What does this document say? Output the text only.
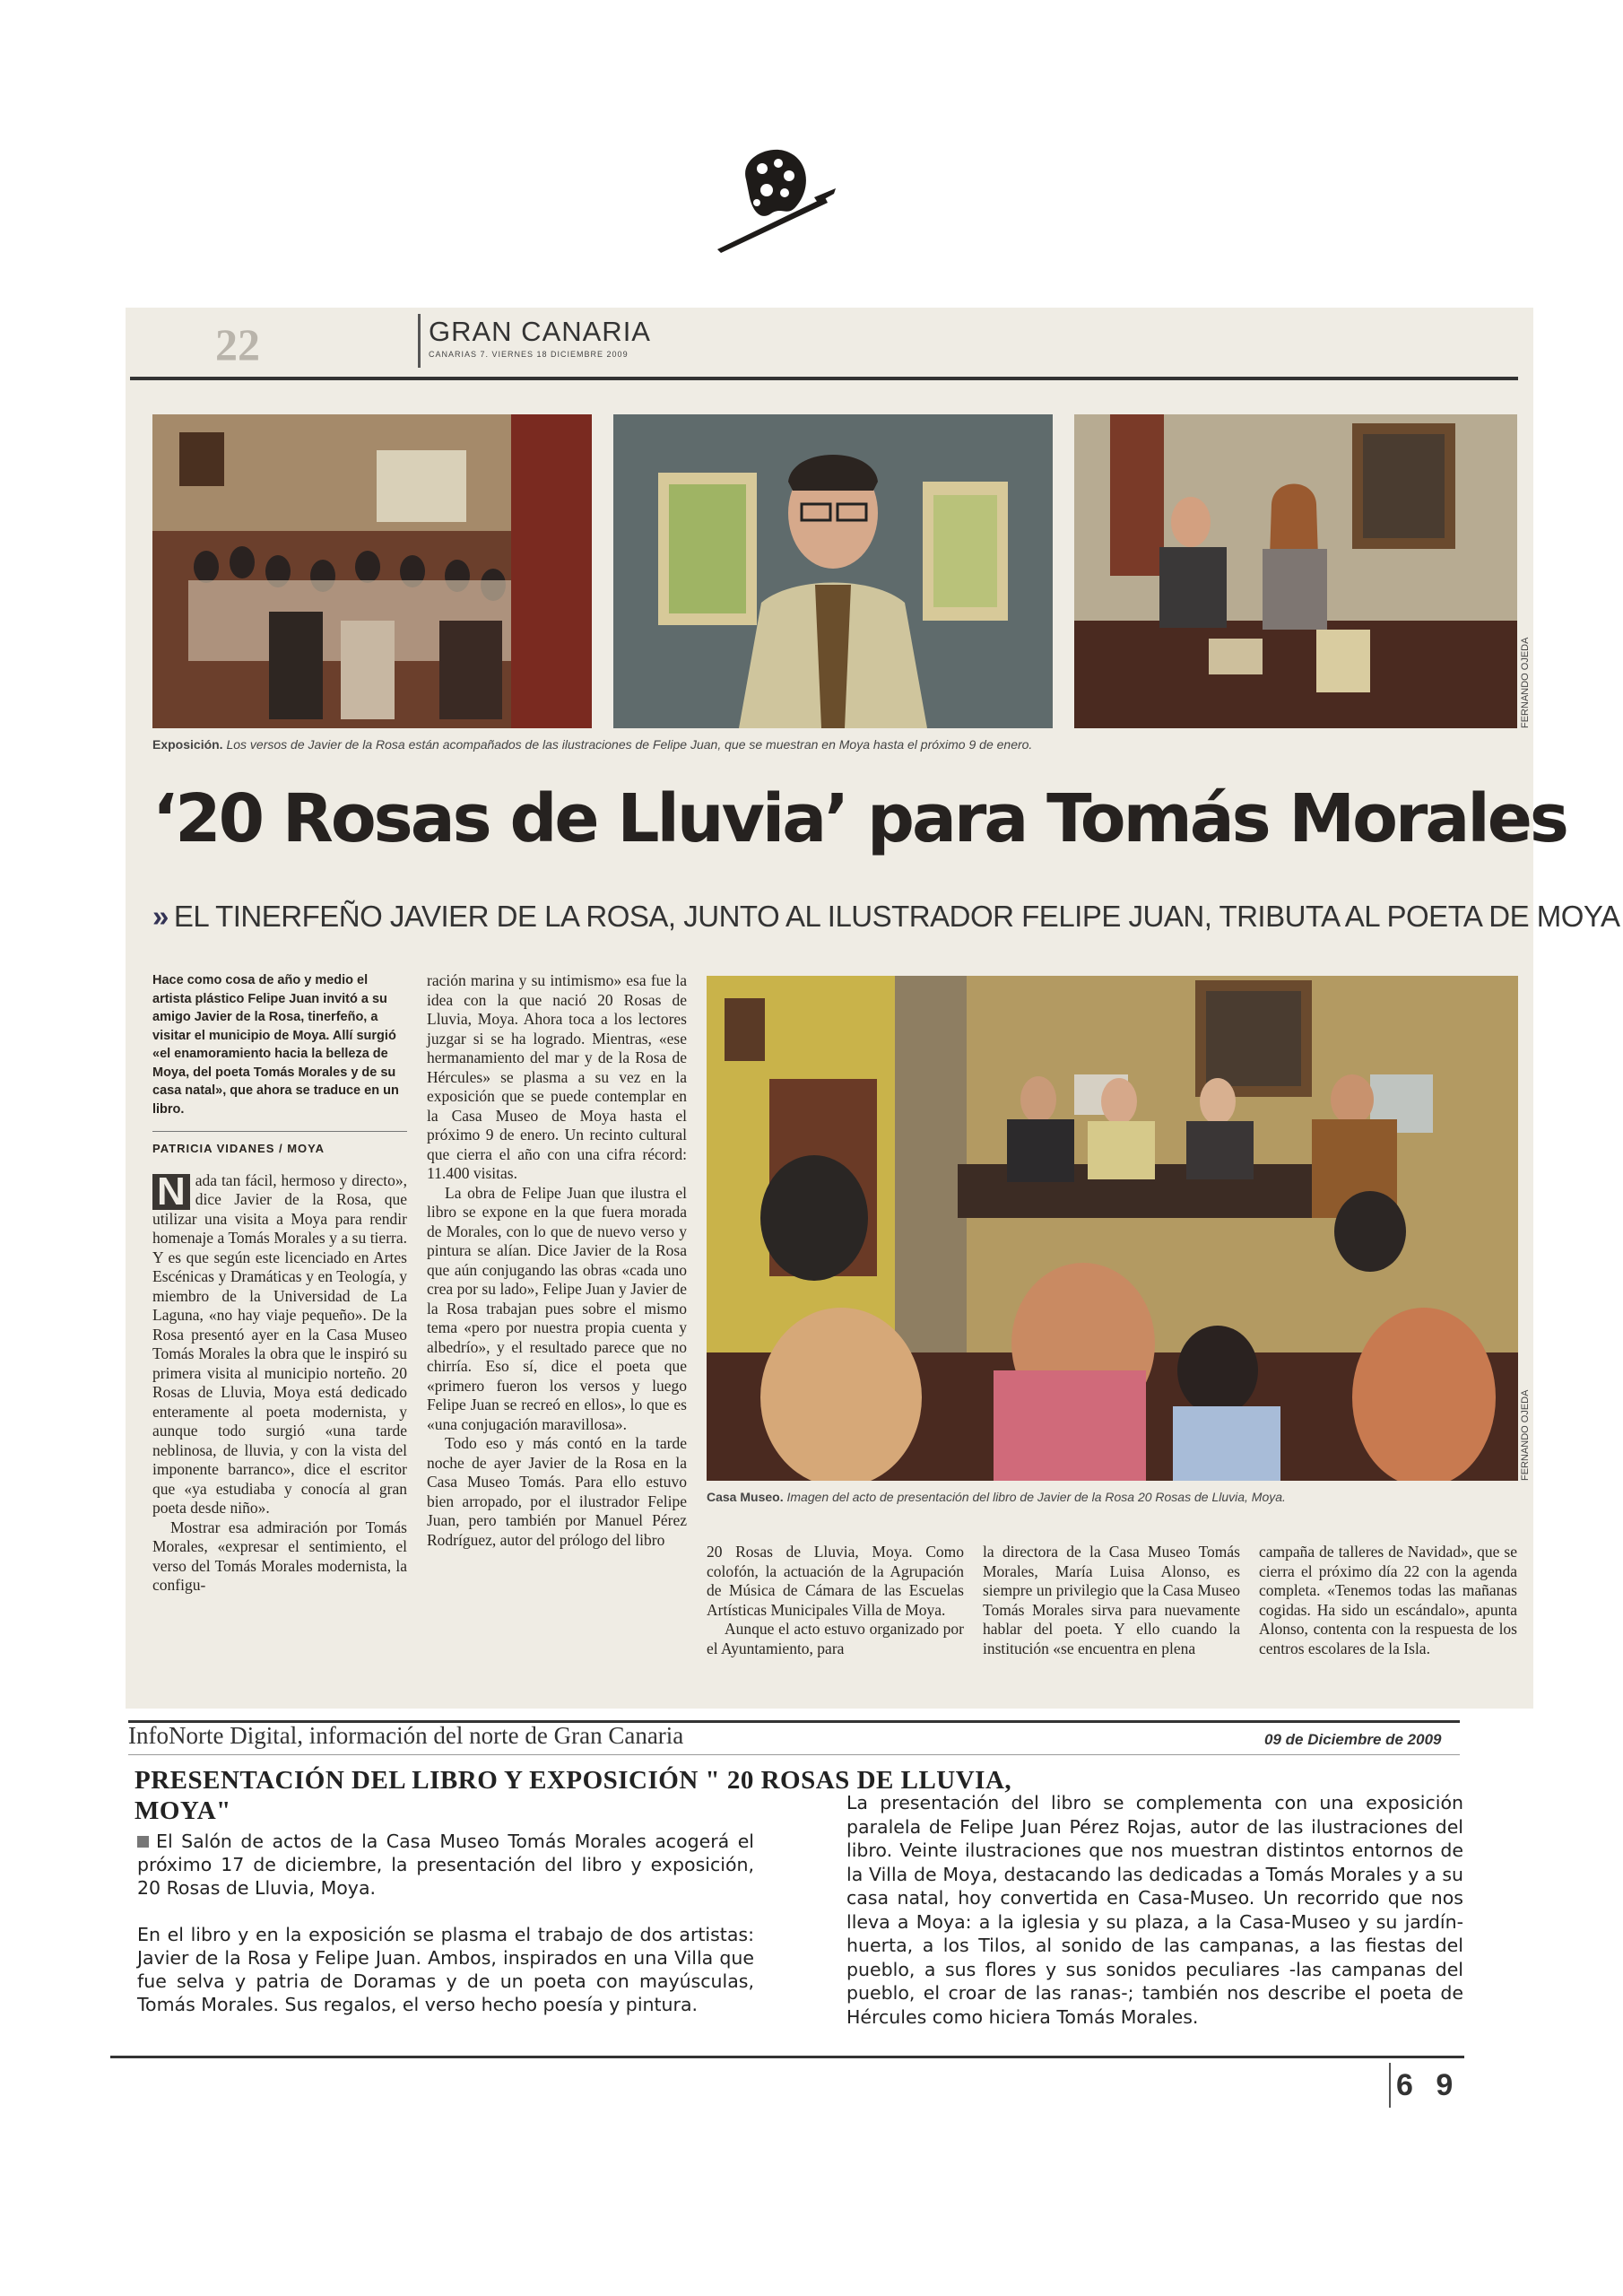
22	GRAN CANARIA
CANARIAS 7. VIERNES 18 DICIEMBRE 2009
FERNANDO OJEDA
Exposición. Los versos de Javier de la Rosa están acompañados de las ilustraciones de Felipe Juan, que se muestran en Moya hasta el próximo 9 de enero.
‘20 Rosas de Lluvia’ para Tomás Morales
» EL TINERFEÑO JAVIER DE LA ROSA, JUNTO AL ILUSTRADOR FELIPE JUAN, TRIBUTA AL POETA DE MOYA

Hace como cosa de año y medio el artista plástico Felipe Juan invitó a su amigo Javier de la Rosa, tinerfeño, a visitar el municipio de Moya. Allí surgió «el enamoramiento hacia la belleza de Moya, del poeta Tomás Morales y de su casa natal», que ahora se traduce en un libro.

PATRICIA VIDANES / MOYA

N ada tan fácil, hermoso y directo», dice Javier de la Rosa, que utilizar una visita a Moya para rendir homenaje a Tomás Morales y a su tierra. Y es que según este licenciado en Artes Escénicas y Dramáticas y en Teología, y miembro de la Universidad de La Laguna, «no hay viaje pequeño». De la Rosa presentó ayer en la Casa Museo Tomás Morales la obra que le inspiró su primera visita al municipio norteño. 20 Rosas de Lluvia, Moya está dedicado enteramente al poeta modernista, y aunque todo surgió «una tarde neblinosa, de lluvia, y con la vista del imponente barranco», dice el escritor que «ya estudiaba y conocía al gran poeta desde niño».

Mostrar esa admiración por Tomás Morales, «expresar el sentimiento, el verso del Tomás Morales modernista, la configu-

ración marina y su intimismo» esa fue la idea con la que nació 20 Rosas de Lluvia, Moya. Ahora toca a los lectores juzgar si se ha logrado. Mientras, «ese hermanamiento del mar y de la Rosa de Hércules» se plasma a su vez en la exposición que se puede contemplar en la Casa Museo de Moya hasta el próximo 9 de enero. Un recinto cultural que cierra el año con una cifra récord: 11.400 visitas.

La obra de Felipe Juan que ilustra el libro se expone en la que fuera morada de Morales, con lo que de nuevo verso y pintura se alían. Dice Javier de la Rosa que aún conjugando las obras «cada uno crea por su lado», Felipe Juan y Javier de la Rosa trabajan pues sobre el mismo tema «pero por nuestra propia cuenta y albedrío», y el resultado parece que no chirría. Eso sí, dice el poeta que «primero fueron los versos y luego Felipe Juan se recreó en ellos», lo que es «una conjugación maravillosa».

Todo eso y más contó en la tarde noche de ayer Javier de la Rosa en la Casa Museo Tomás. Para ello estuvo bien arropado, por el ilustrador Felipe Juan, pero también por Manuel Pérez Rodríguez, autor del prólogo del libro

FERNANDO OJEDA
Casa Museo. Imagen del acto de presentación del libro de Javier de la Rosa 20 Rosas de Lluvia, Moya.

20 Rosas de Lluvia, Moya. Como colofón, la actuación de la Agrupación de Música de Cámara de las Escuelas Artísticas Municipales Villa de Moya.

Aunque el acto estuvo organizado por el Ayuntamiento, para

la directora de la Casa Museo Tomás Morales, María Luisa Alonso, es siempre un privilegio que la Casa Museo Tomás Morales sirva para nuevamente hablar del poeta. Y ello cuando la institución «se encuentra en plena

campaña de talleres de Navidad», que se cierra el próximo día 22 con la agenda completa. «Tenemos todas las mañanas cogidas. Ha sido un escándalo», apunta Alonso, contenta con la respuesta de los centros escolares de la Isla.

InfoNorte Digital, información del norte de Gran Canaria	09 de Diciembre de 2009
PRESENTACIÓN DEL LIBRO Y EXPOSICIÓN " 20 ROSAS DE LLUVIA, MOYA"

El Salón de actos de la Casa Museo Tomás Morales acogerá el próximo 17 de diciembre, la presentación del libro y exposición, 20 Rosas de Lluvia, Moya.

En el libro y en la exposición se plasma el trabajo de dos artistas: Javier de la Rosa y Felipe Juan. Ambos, inspirados en una Villa que fue selva y patria de Doramas y de un poeta con mayúsculas, Tomás Morales. Sus regalos, el verso hecho poesía y pintura.

La presentación del libro se complementa con una exposición paralela de Felipe Juan Pérez Rojas, autor de las ilustraciones del libro. Veinte ilustraciones que nos muestran distintos entornos de la Villa de Moya, destacando las dedicadas a Tomás Morales y a su casa natal, hoy convertida en Casa-Museo. Un recorrido que nos lleva a Moya: a la iglesia y su plaza, a la Casa-Museo y su jardín-huerta, a los Tilos, al sonido de las campanas, a las fiestas del pueblo, a sus flores y sus sonidos peculiares -las campanas del pueblo, el croar de las ranas-; también nos describe el poeta de Hércules como hiciera Tomás Morales.
6 9
